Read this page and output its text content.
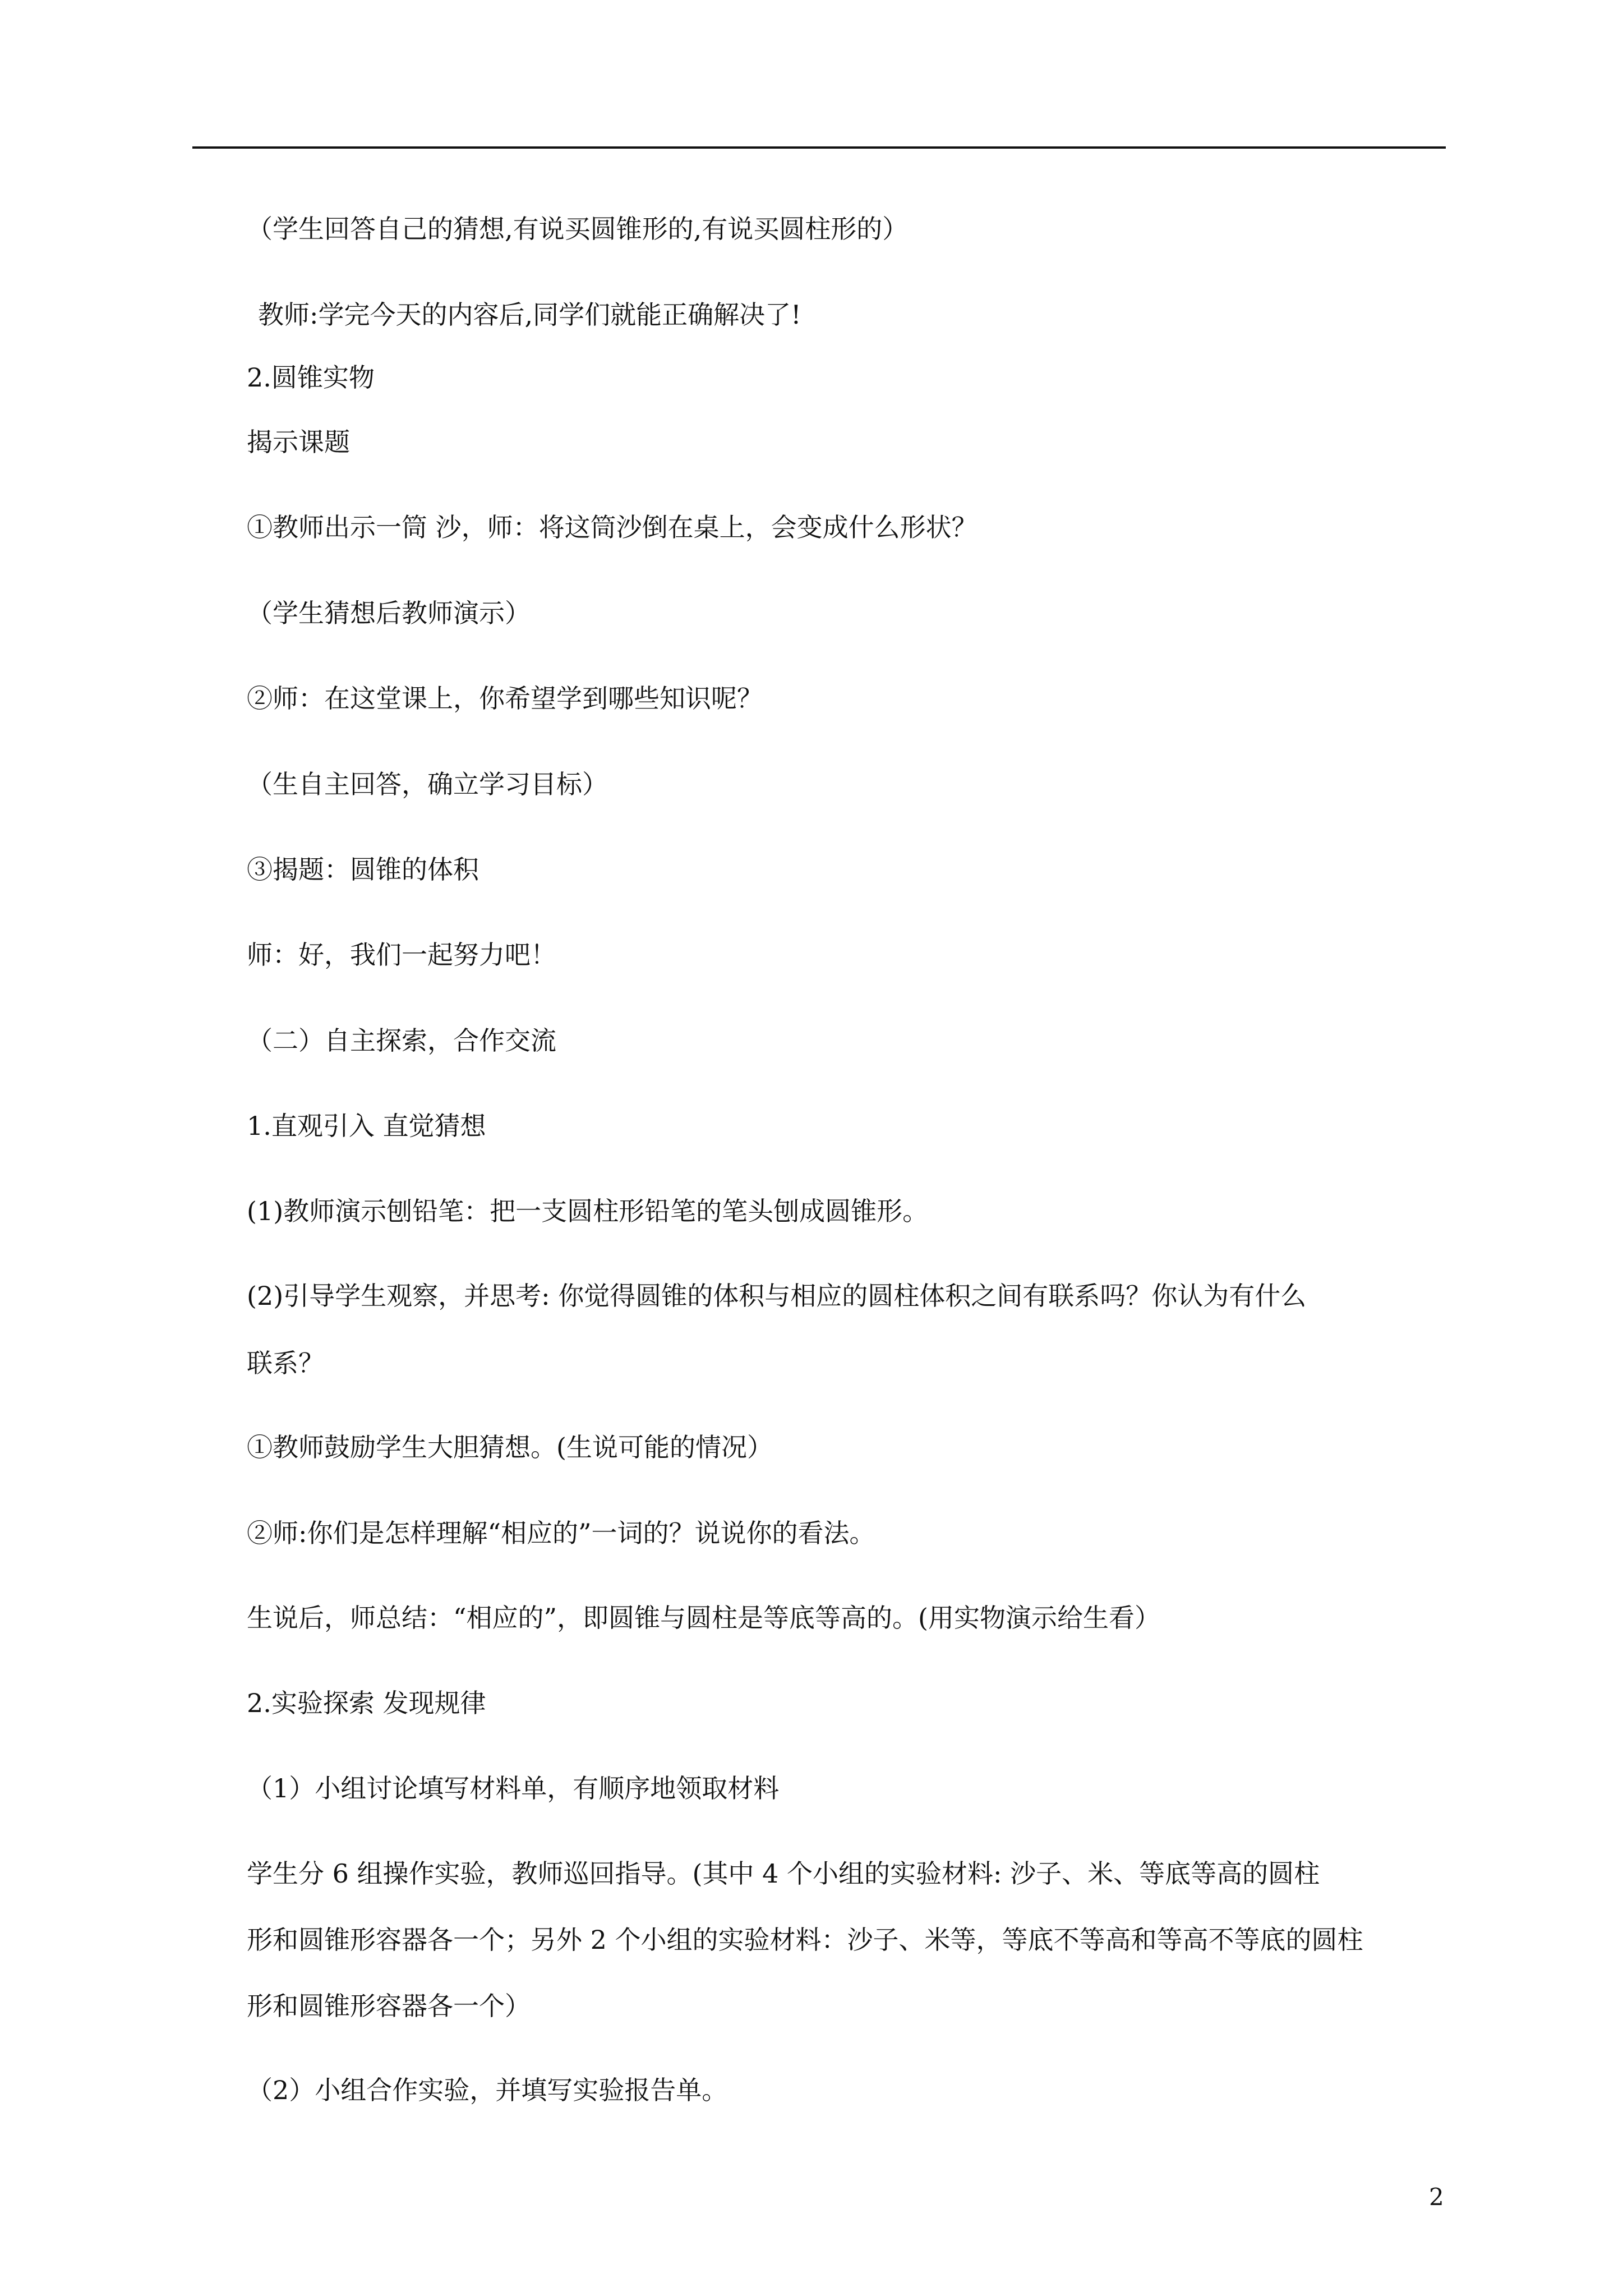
（学生回答自己的猜想,有说买圆锥形的,有说买圆柱形的）
教师:学完今天的内容后,同学们就能正确解决了!
2.圆锥实物
揭示课题
①教师出示一筒 沙，师：将这筒沙倒在桌上，会变成什么形状？
（学生猜想后教师演示）
②师：在这堂课上，你希望学到哪些知识呢？
（生自主回答，确立学习目标）
③揭题：圆锥的体积
师：好，我们一起努力吧！
（二）自主探索，合作交流
1.直观引入 直觉猜想
(1)教师演示刨铅笔：把一支圆柱形铅笔的笔头刨成圆锥形。
(2)引导学生观察，并思考: 你觉得圆锥的体积与相应的圆柱体积之间有联系吗？你认为有什么
联系？
①教师鼓励学生大胆猜想。(生说可能的情况）
②师:你们是怎样理解“相应的”一词的？说说你的看法。
生说后，师总结：“相应的”，即圆锥与圆柱是等底等高的。(用实物演示给生看）
2.实验探索 发现规律
（1）小组讨论填写材料单，有顺序地领取材料
学生分 6 组操作实验，教师巡回指导。(其中 4 个小组的实验材料: 沙子、米、等底等高的圆柱
形和圆锥形容器各一个；另外 2 个小组的实验材料：沙子、米等，等底不等高和等高不等底的圆柱
形和圆锥形容器各一个）
（2）小组合作实验，并填写实验报告单。
2
